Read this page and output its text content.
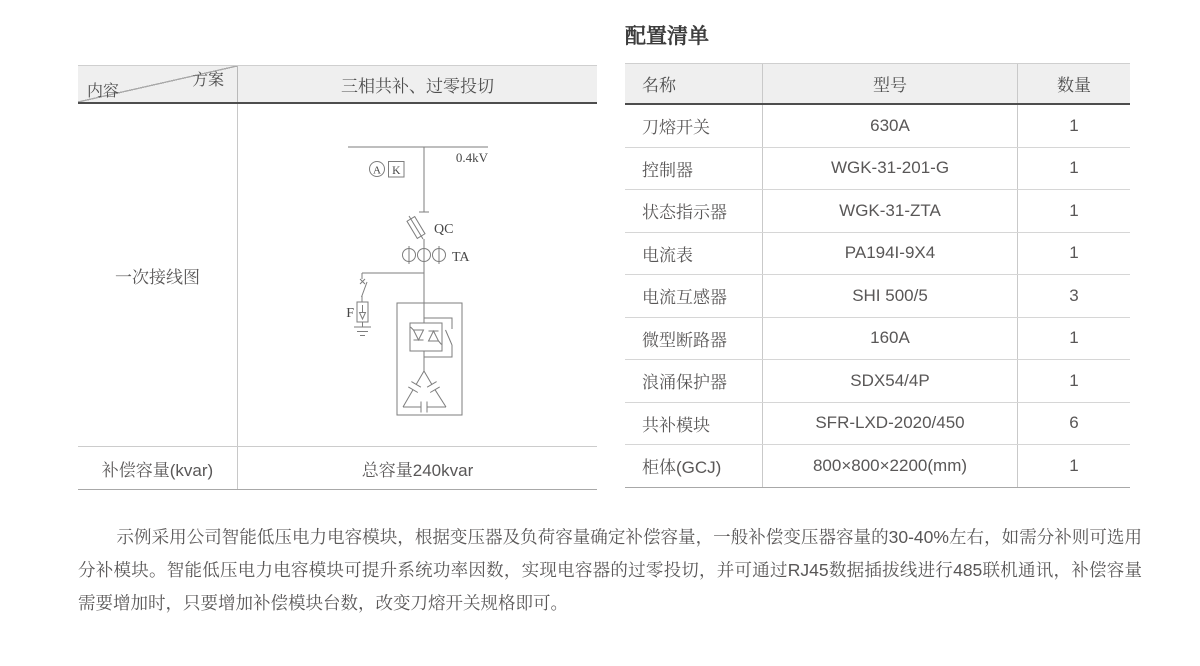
方案
内容	三相共补、过零投切
一次接线图
0.4kV
A K
QC
TA
F
补偿容量(kvar)	总容量240kvar
配置清单
名称	型号	数量
刀熔开关	630A	1
控制器	WGK-31-201-G	1
状态指示器	WGK-31-ZTA	1
电流表	PA194I-9X4	1
电流互感器	SHI 500/5	3
微型断路器	160A	1
浪涌保护器	SDX54/4P	1
共补模块	SFR-LXD-2020/450	6
柜体(GCJ)	800×800×2200(mm)	1

示例采用公司智能低压电力电容模块，根据变压器及负荷容量确定补偿容量，一般补偿变压器容量的30-40%左右，如需分补则可选用分补模块。智能低压电力电容模块可提升系统功率因数，实现电容器的过零投切，并可通过RJ45数据插拔线进行485联机通讯，补偿容量需要增加时，只要增加补偿模块台数，改变刀熔开关规格即可。
